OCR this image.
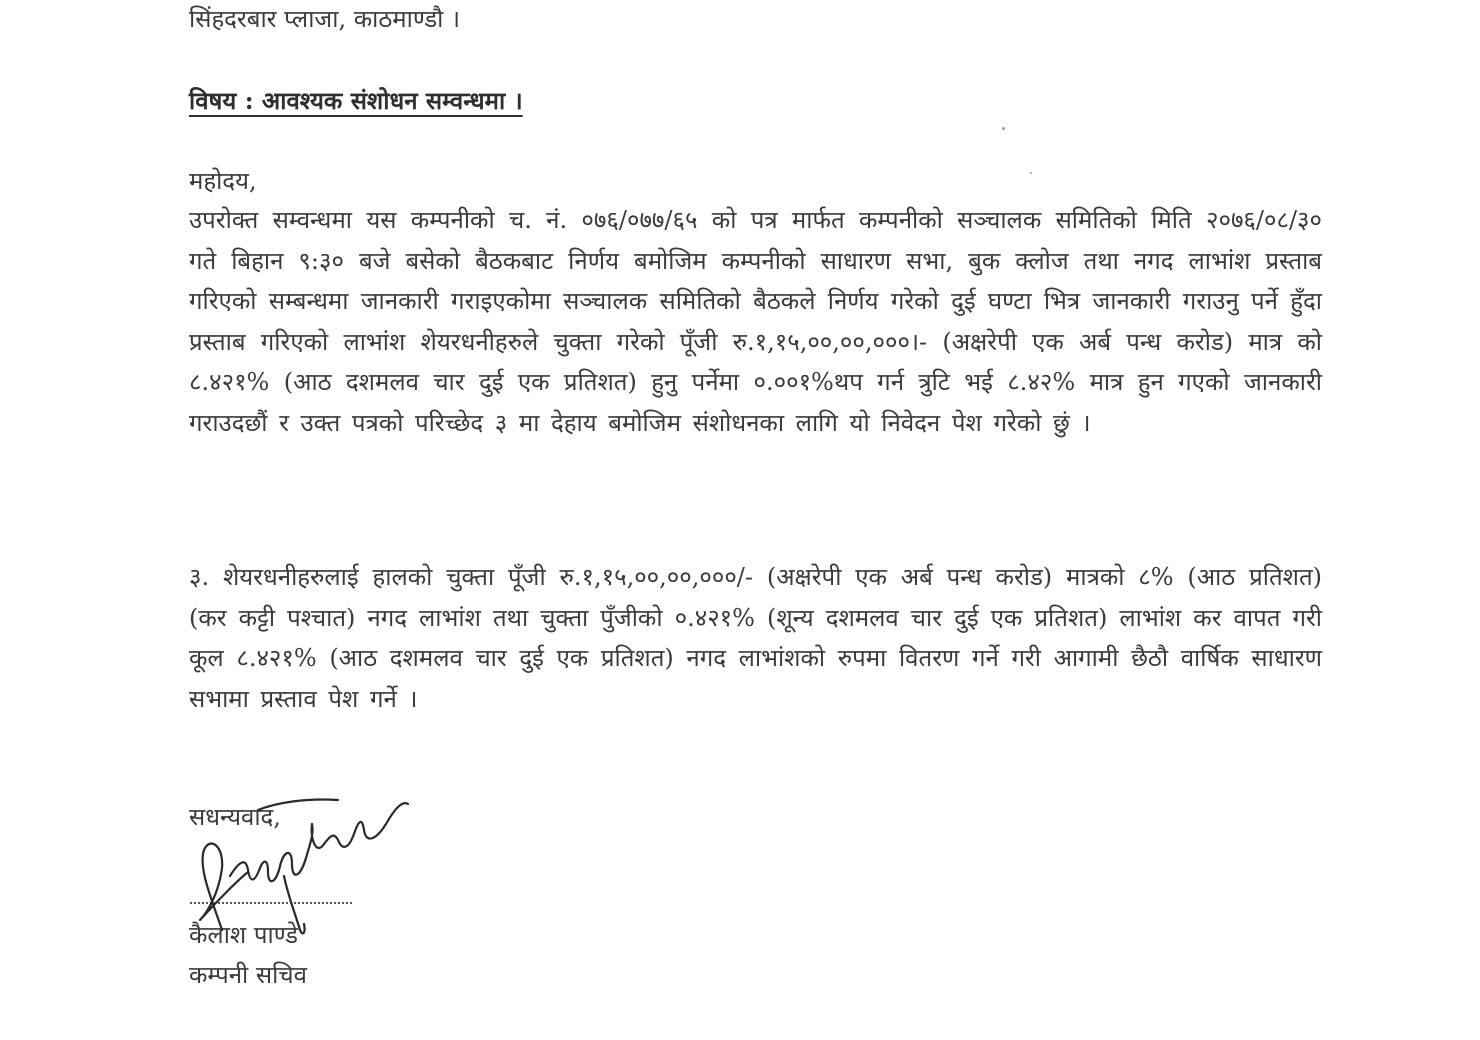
सिंहदरबार प्लाजा, काठमाण्डौ ।
विषय : आवश्यक संशोधन सम्वन्धमा ।
महोदय,
उपरोक्त सम्वन्धमा यस कम्पनीको च. नं. ०७६/०७७/६५ को पत्र मार्फत कम्पनीको सञ्चालक समितिको मिति २०७६/०८/३० गते बिहान ९:३० बजे बसेको बैठकबाट निर्णय बमोजिम कम्पनीको साधारण सभा, बुक क्लोज तथा नगद लाभांश प्रस्ताब गरिएको सम्बन्धमा जानकारी गराइएकोमा सञ्चालक समितिको बैठकले निर्णय गरेको दुई घण्टा भित्र जानकारी गराउनु पर्ने हुँदा प्रस्ताब गरिएको लाभांश शेयरधनीहरुले चुक्ता गरेको पूँजी रु.१,१५,००,००,०००।- (अक्षरेपी एक अर्ब पन्ध करोड) मात्र को ८.४२१% (आठ दशमलव चार दुई एक प्रतिशत) हुनु पर्नेमा ०.००१%थप गर्न त्रुटि भई ८.४२% मात्र हुन गएको जानकारी गराउदछौं र उक्त पत्रको परिच्छेद ३ मा देहाय बमोजिम संशोधनका लागि यो निवेदन पेश गरेको छुं ।
३. शेयरधनीहरुलाई हालको चुक्ता पूँजी रु.१,१५,००,००,०००/- (अक्षरेपी एक अर्ब पन्ध करोड) मात्रको ८% (आठ प्रतिशत) (कर कट्टी पश्चात) नगद लाभांश तथा चुक्ता पुँजीको ०.४२१% (शून्य दशमलव चार दुई एक प्रतिशत) लाभांश कर वापत गरी कूल ८.४२१% (आठ दशमलव चार दुई एक प्रतिशत) नगद लाभांशको रुपमा वितरण गर्ने गरी आगामी छैठौ वार्षिक साधारण सभामा प्रस्ताव पेश गर्ने ।
सधन्यवाद,
कैलाश पाण्डे
कम्पनी सचिव
